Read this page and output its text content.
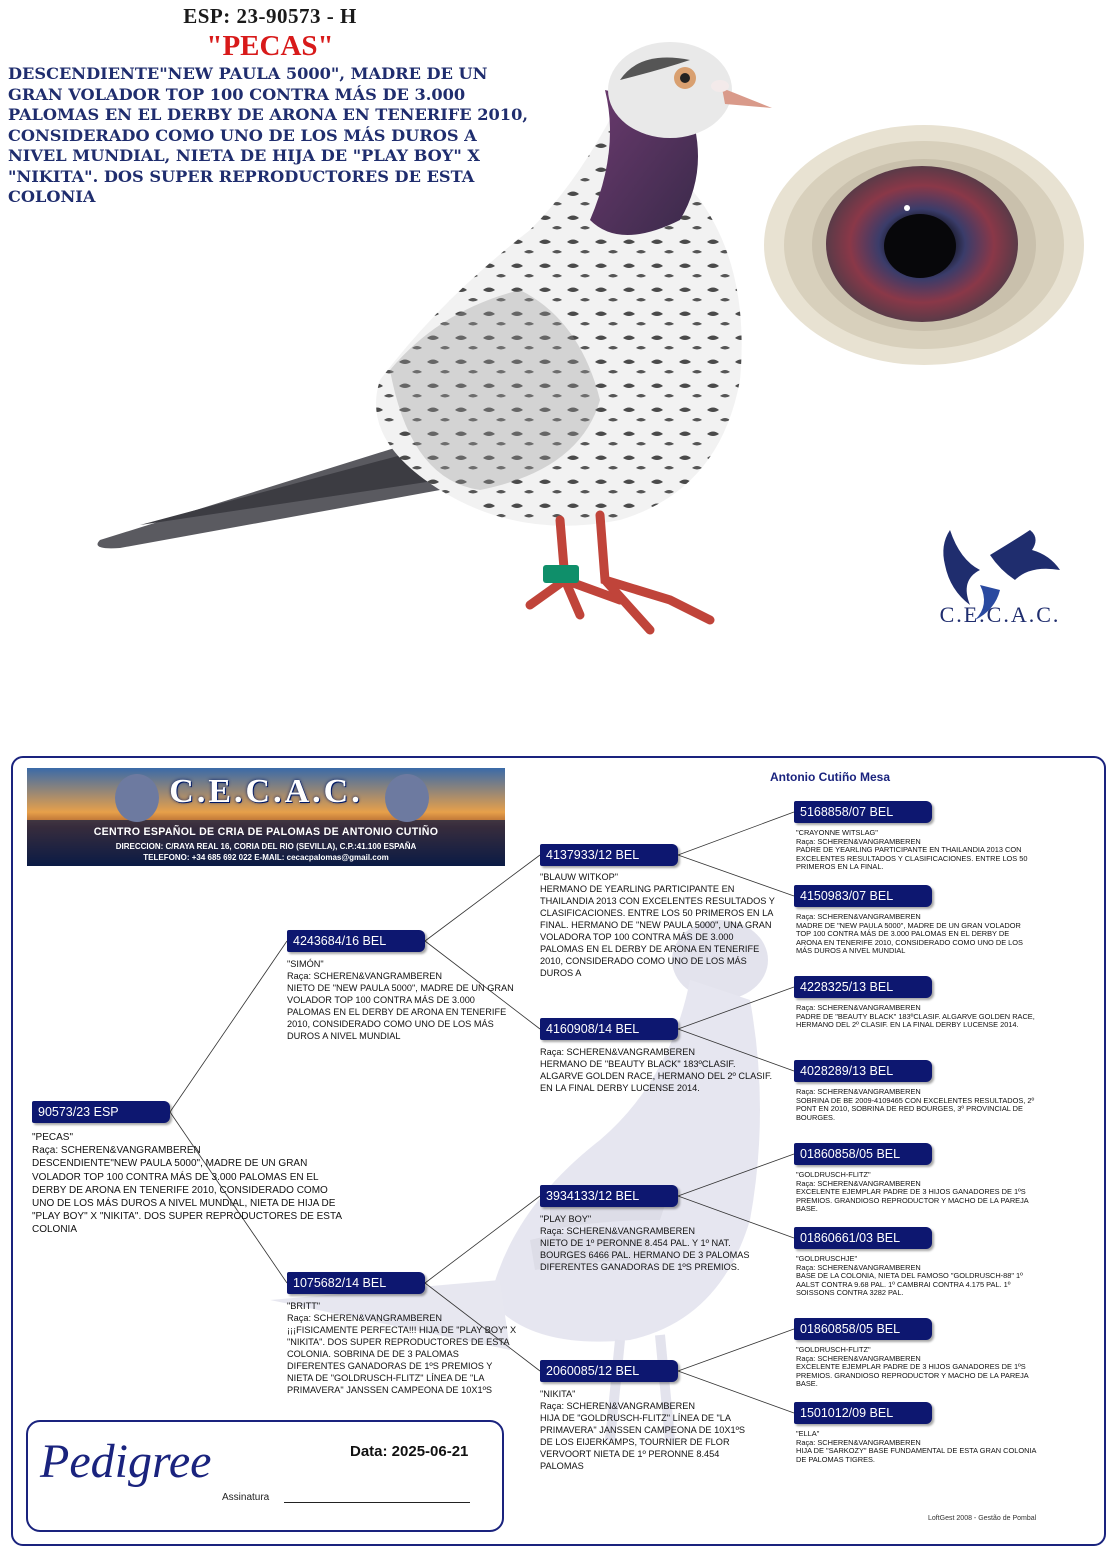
ESP: 23-90573 - H
"PECAS"
DESCENDIENTE"NEW PAULA 5000", MADRE DE UN GRAN VOLADOR TOP 100 CONTRA MÁS DE 3.000 PALOMAS EN EL DERBY DE ARONA EN TENERIFE 2010, CONSIDERADO COMO UNO DE LOS MÁS DUROS A NIVEL MUNDIAL, NIETA DE HIJA DE "PLAY BOY" X "NIKITA". DOS SUPER REPRODUCTORES DE ESTA COLONIA
C.E.C.A.C.
Antonio Cutiño Mesa
C.E.C.A.C.
CENTRO ESPAÑOL DE CRIA DE PALOMAS DE ANTONIO CUTIÑO
DIRECCION: C/RAYA REAL 16, CORIA DEL RIO (SEVILLA), C.P.:41.100 ESPAÑA
TELEFONO: +34 685 692 022 E-MAIL: cecacpalomas@gmail.com
90573/23 ESP
"PECAS"
Raça: SCHEREN&VANGRAMBEREN
DESCENDIENTE"NEW PAULA 5000", MADRE DE UN GRAN VOLADOR TOP 100 CONTRA MÁS DE 3.000 PALOMAS EN EL DERBY DE ARONA EN TENERIFE 2010, CONSIDERADO COMO UNO DE LOS MÁS DUROS A NIVEL MUNDIAL, NIETA DE HIJA DE "PLAY BOY" X "NIKITA". DOS SUPER REPRODUCTORES DE ESTA COLONIA
4243684/16 BEL
"SIMÓN"
Raça: SCHEREN&VANGRAMBEREN
NIETO DE "NEW PAULA 5000", MADRE DE UN GRAN VOLADOR TOP 100 CONTRA MÁS DE 3.000 PALOMAS EN EL DERBY DE ARONA EN TENERIFE 2010, CONSIDERADO COMO UNO DE LOS MÁS DUROS A NIVEL MUNDIAL
1075682/14 BEL
"BRITT"
Raça: SCHEREN&VANGRAMBEREN
¡¡¡FISICAMENTE PERFECTA!!! HIJA DE "PLAY BOY" X "NIKITA". DOS SUPER REPRODUCTORES DE ESTA COLONIA. SOBRINA DE DE 3 PALOMAS DIFERENTES GANADORAS DE 1ºS PREMIOS Y NIETA DE "GOLDRUSCH-FLITZ" LÍNEA DE "LA PRIMAVERA" JANSSEN CAMPEONA DE 10X1ºS
4137933/12 BEL
"BLAUW WITKOP"
HERMANO DE YEARLING PARTICIPANTE EN THAILANDIA 2013 CON EXCELENTES RESULTADOS Y CLASIFICACIONES. ENTRE LOS 50 PRIMEROS EN LA FINAL. HERMANO DE "NEW PAULA 5000", UNA GRAN VOLADORA TOP 100 CONTRA MÁS DE 3.000 PALOMAS EN EL DERBY DE ARONA EN TENERIFE 2010, CONSIDERADO COMO UNO DE LOS MÁS DUROS A
4160908/14 BEL
Raça: SCHEREN&VANGRAMBEREN
HERMANO DE "BEAUTY BLACK" 183ºCLASIF. ALGARVE GOLDEN RACE, HERMANO DEL 2º CLASIF. EN LA FINAL DERBY LUCENSE 2014.
3934133/12 BEL
"PLAY BOY"
Raça: SCHEREN&VANGRAMBEREN
NIETO DE 1º PERONNE 8.454 PAL. Y 1º NAT. BOURGES 6466 PAL. HERMANO DE 3 PALOMAS DIFERENTES GANADORAS DE 1ºS PREMIOS.
2060085/12 BEL
"NIKITA"
Raça: SCHEREN&VANGRAMBEREN
HIJA DE "GOLDRUSCH-FLITZ" LÍNEA DE "LA PRIMAVERA" JANSSEN CAMPEONA DE 10X1ºS DE LOS EIJERKAMPS, TOURNIER DE FLOR VERVOORT NIETA DE 1º PERONNE 8.454 PALOMAS
5168858/07 BEL
"CRAYONNE WITSLAG"
Raça: SCHEREN&VANGRAMBEREN
PADRE DE YEARLING PARTICIPANTE EN THAILANDIA 2013 CON EXCELENTES RESULTADOS Y CLASIFICACIONES. ENTRE LOS 50 PRIMEROS EN LA FINAL.
4150983/07 BEL
Raça: SCHEREN&VANGRAMBEREN
MADRE DE "NEW PAULA 5000", MADRE DE UN GRAN VOLADOR TOP 100 CONTRA MÁS DE 3.000 PALOMAS EN EL DERBY DE ARONA EN TENERIFE 2010, CONSIDERADO COMO UNO DE LOS MÁS DUROS A NIVEL MUNDIAL
4228325/13 BEL
Raça: SCHEREN&VANGRAMBEREN
PADRE DE "BEAUTY BLACK" 183ºCLASIF. ALGARVE GOLDEN RACE, HERMANO DEL 2º CLASIF. EN LA FINAL DERBY LUCENSE 2014.
4028289/13 BEL
Raça: SCHEREN&VANGRAMBEREN
SOBRINA DE BE 2009-4109465 CON EXCELENTES RESULTADOS, 2º PONT EN 2010, SOBRINA DE RED BOURGES, 3º PROVINCIAL DE BOURGES.
01860858/05 BEL
"GOLDRUSCH-FLITZ"
Raça: SCHEREN&VANGRAMBEREN
EXCELENTE EJEMPLAR PADRE DE 3 HIJOS GANADORES DE 1ºS PREMIOS. GRANDIOSO REPRODUCTOR Y MACHO DE LA PAREJA BASE.
01860661/03 BEL
"GOLDRUSCHJE"
Raça: SCHEREN&VANGRAMBEREN
BASE DE LA COLONIA, NIETA DEL FAMOSO "GOLDRUSCH-88" 1º AALST CONTRA 9.68 PAL. 1º CAMBRAI CONTRA 4.175 PAL. 1º SOISSONS CONTRA 3282 PAL.
01860858/05 BEL
"GOLDRUSCH-FLITZ"
Raça: SCHEREN&VANGRAMBEREN
EXCELENTE EJEMPLAR PADRE DE 3 HIJOS GANADORES DE 1ºS PREMIOS. GRANDIOSO REPRODUCTOR Y MACHO DE LA PAREJA BASE.
1501012/09 BEL
"ELLA"
Raça: SCHEREN&VANGRAMBEREN
HIJA DE "SARKOZY" BASE FUNDAMENTAL DE ESTA GRAN COLONIA DE PALOMAS TIGRES.
Pedigree	Data: 2025-06-21
Assinatura
LoftGest 2008 - Gestão de Pombal
